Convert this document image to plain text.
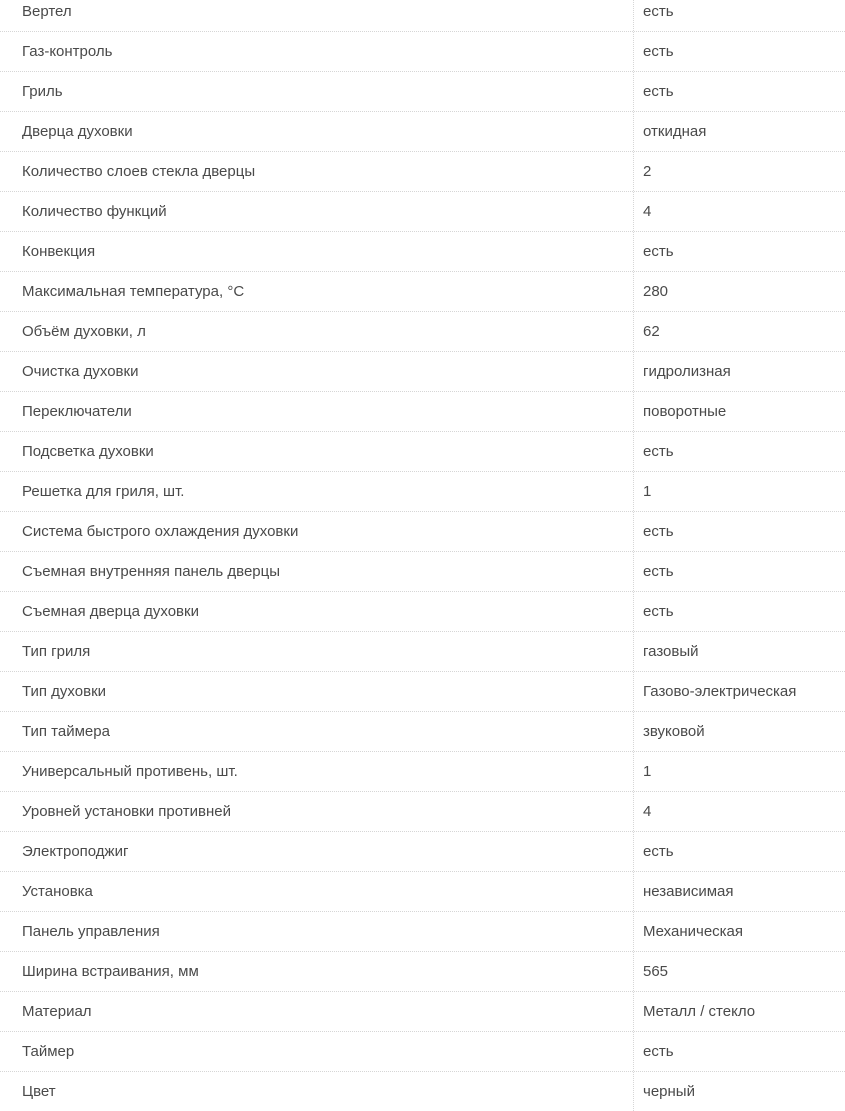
Вертел	есть
Газ-контроль	есть
Гриль	есть
Дверца духовки	откидная
Количество слоев стекла дверцы	2
Количество функций	4
Конвекция	есть
Максимальная температура, °С	280
Объём духовки, л	62
Очистка духовки	гидролизная
Переключатели	поворотные
Подсветка духовки	есть
Решетка для гриля, шт.	1
Система быстрого охлаждения духовки	есть
Съемная внутренняя панель дверцы	есть
Съемная дверца духовки	есть
Тип гриля	газовый
Тип духовки	Газово-электрическая
Тип таймера	звуковой
Универсальный противень, шт.	1
Уровней установки противней	4
Электроподжиг	есть
Установка	независимая
Панель управления	Механическая
Ширина встраивания, мм	565
Материал	Металл / стекло
Таймер	есть
Цвет	черный
